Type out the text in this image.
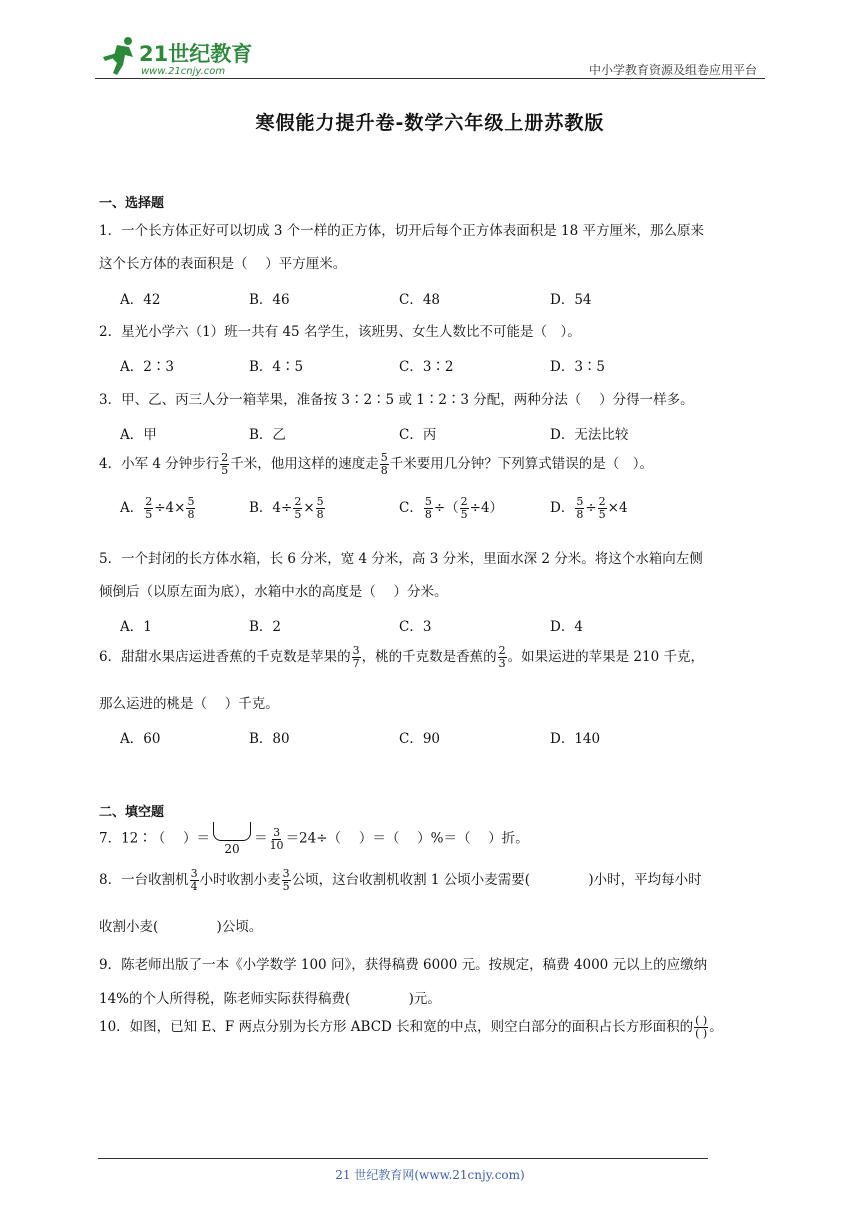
21世纪教育
www.21cnjy.com	中小学教育资源及组卷应用平台
寒假能力提升卷-数学六年级上册苏教版
一、选择题
1．一个长方体正好可以切成 3 个一样的正方体，切开后每个正方体表面积是 18 平方厘米，那么原来
这个长方体的表面积是（　 ）平方厘米。
A．42	B．46	C．48	D．54
2．星光小学六（1）班一共有 45 名学生，该班男、女生人数比不可能是（　）。
A．2∶3	B．4∶5	C．3∶2	D．3∶5
3．甲、乙、丙三人分一箱苹果，准备按 3∶2∶5 或 1∶2∶3 分配，两种分法（　 ）分得一样多。
A．甲	B．乙	C．丙	D．无法比较
4．小军 4 分钟步行 $\frac{2}{5}$ 千米，他用这样的速度走 $\frac{5}{8}$ 千米要用几分钟？下列算式错误的是（　）。
A． $\frac{2}{5} \div 4\times \frac{5}{8}$	B．$4\div \frac{2}{5} \times \frac{5}{8}$	C． $\frac{5}{8}$ ÷（ $\frac{2}{5} \div 4$）	D． $\frac{5}{8} \div \frac{2}{5} \times 4$
5．一个封闭的长方体水箱，长 6 分米，宽 4 分米，高 3 分米，里面水深 2 分米。将这个水箱向左侧
倾倒后（以原左面为底），水箱中水的高度是（　 ）分米。
A．1	B．2	C．3	D．4
6．甜甜水果店运进香蕉的千克数是苹果的 $\frac{3}{7}$ ，桃的千克数是香蕉的 $\frac{2}{3}$ 。如果运进的苹果是 210 千克，
那么运进的桃是（　 ）千克。
A．60	B．80	C．90	D．140
二、填空题
7．12∶（　 ）＝
20
＝ $\frac{3}{10} =24\div$（　 ）＝（　 ）%＝（　 ）折。
8．一台收割机 $\frac{3}{4}$ 小时收割小麦 $\frac{3}{5}$ 公顷，这台收割机收割 1 公顷小麦需要(　　　　 )小时，平均每小时
收割小麦(　　　　 )公顷。
9．陈老师出版了一本《小学数学 100 问》，获得稿费 6000 元。按规定，稿费 4000 元以上的应缴纳
14%的个人所得税，陈老师实际获得稿费(　　　　 )元。
10．如图，已知 E、F 两点分别为长方形 ABCD 长和宽的中点，则空白部分的面积占长方形面积的 ( )
( ) 。
21 世纪教育网(www.21cnjy.com)
